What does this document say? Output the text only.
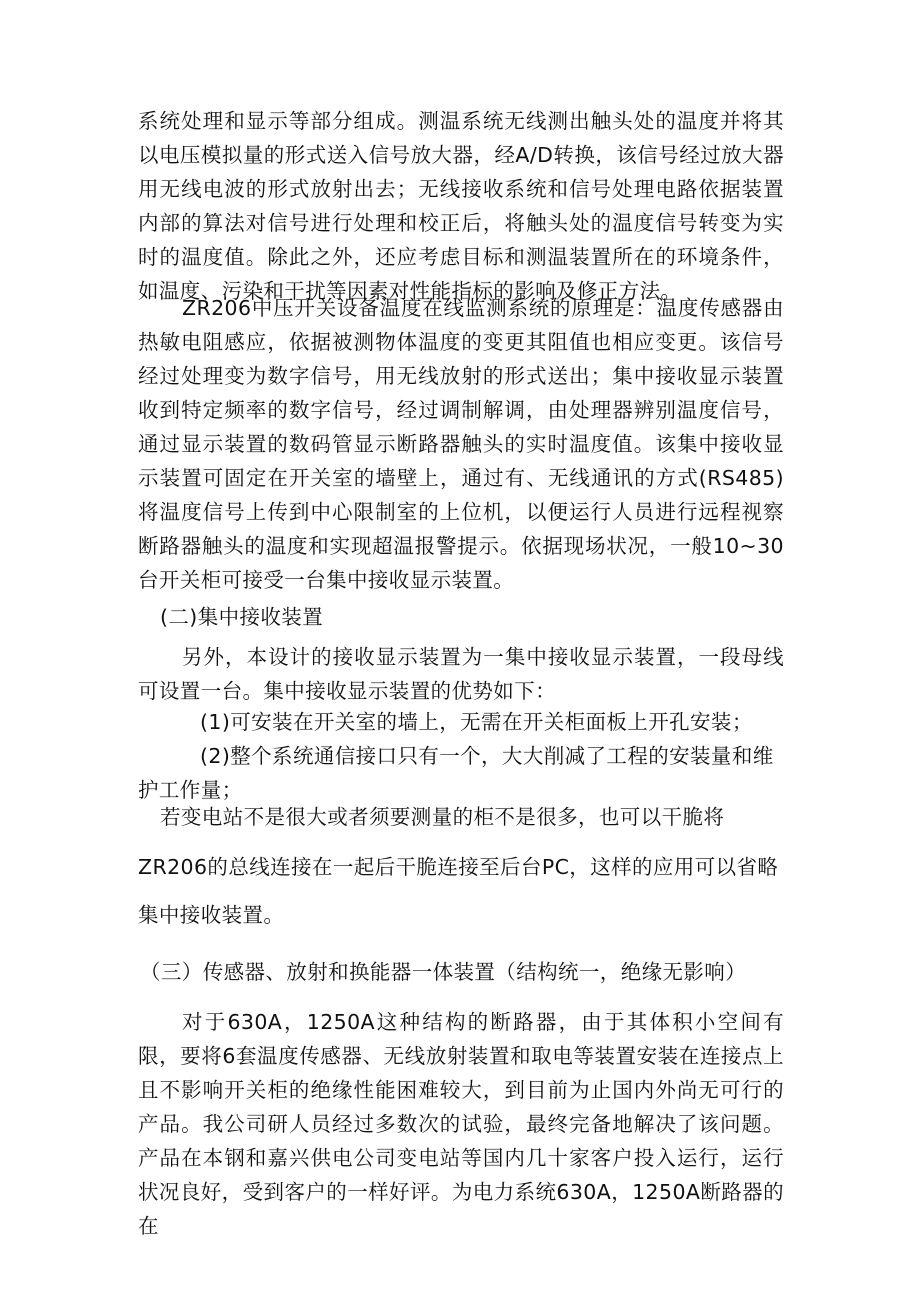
系统处理和显示等部分组成。测温系统无线测出触头处的温度并将其以电压模拟量的形式送入信号放大器，经A/D转换，该信号经过放大器用无线电波的形式放射出去；无线接收系统和信号处理电路依据装置内部的算法对信号进行处理和校正后，将触头处的温度信号转变为实时的温度值。除此之外，还应考虑目标和测温装置所在的环境条件，如温度、污染和干扰等因素对性能指标的影响及修正方法。

ZR206中压开关设备温度在线监测系统的原理是：温度传感器由热敏电阻感应，依据被测物体温度的变更其阻值也相应变更。该信号经过处理变为数字信号，用无线放射的形式送出；集中接收显示装置收到特定频率的数字信号，经过调制解调，由处理器辨别温度信号，通过显示装置的数码管显示断路器触头的实时温度值。该集中接收显示装置可固定在开关室的墙壁上，通过有、无线通讯的方式(RS485)将温度信号上传到中心限制室的上位机，以便运行人员进行远程视察断路器触头的温度和实现超温报警提示。依据现场状况，一般10~30台开关柜可接受一台集中接收显示装置。

(二)集中接收装置

另外，本设计的接收显示装置为一集中接收显示装置，一段母线可设置一台。集中接收显示装置的优势如下：

(1)可安装在开关室的墙上，无需在开关柜面板上开孔安装；

(2)整个系统通信接口只有一个，大大削减了工程的安装量和维护工作量；

若变电站不是很大或者须要测量的柜不是很多，也可以干脆将

ZR206的总线连接在一起后干脆连接至后台PC，这样的应用可以省略

集中接收装置。

（三）传感器、放射和换能器一体装置（结构统一，绝缘无影响）

对于630A，1250A这种结构的断路器，由于其体积小空间有限，要将6套温度传感器、无线放射装置和取电等装置安装在连接点上且不影响开关柜的绝缘性能困难较大，到目前为止国内外尚无可行的产品。我公司研人员经过多数次的试验，最终完备地解决了该问题。产品在本钢和嘉兴供电公司变电站等国内几十家客户投入运行，运行状况良好，受到客户的一样好评。为电力系统630A，1250A断路器的在
